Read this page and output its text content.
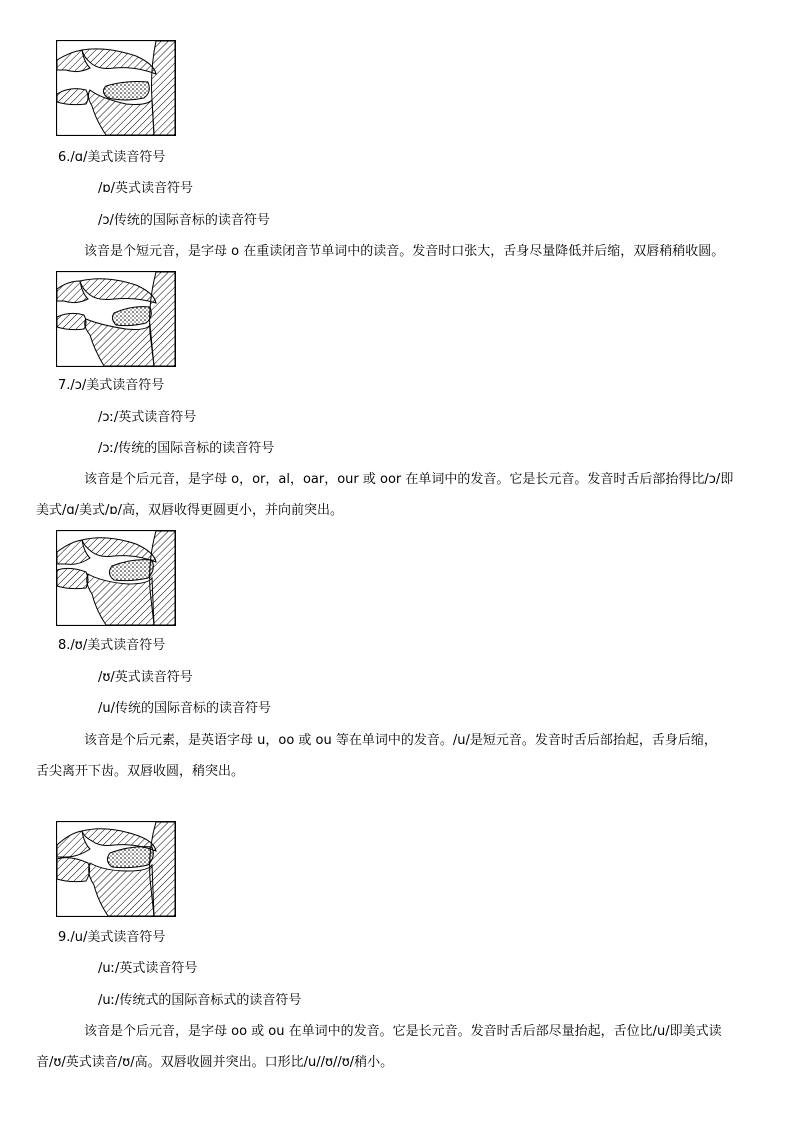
6./ɑ/美式读音符号
/ɒ/英式读音符号
/ɔ/传统的国际音标的读音符号
该音是个短元音，是字母 o 在重读闭音节单词中的读音。发音时口张大，舌身尽量降低并后缩，双唇稍稍收圆。
7./ɔ/美式读音符号
/ɔː/英式读音符号
/ɔː/传统的国际音标的读音符号
该音是个后元音，是字母 o，or，al，oar，our 或 oor 在单词中的发音。它是长元音。发音时舌后部抬得比/ɔ/即
美式/ɑ/美式/ɒ/高，双唇收得更圆更小，并向前突出。
8./ʊ/美式读音符号
/ʊ/英式读音符号
/u/传统的国际音标的读音符号
该音是个后元素，是英语字母 u，oo 或 ou 等在单词中的发音。/u/是短元音。发音时舌后部抬起，舌身后缩，
舌尖离开下齿。双唇收圆，稍突出。
9./u/美式读音符号
/uː/英式读音符号
/uː/传统式的国际音标式的读音符号
该音是个后元音，是字母 oo 或 ou 在单词中的发音。它是长元音。发音时舌后部尽量抬起，舌位比/u/即美式读
音/ʊ/英式读音/ʊ/高。双唇收圆并突出。口形比/u//ʊ//ʊ/稍小。
